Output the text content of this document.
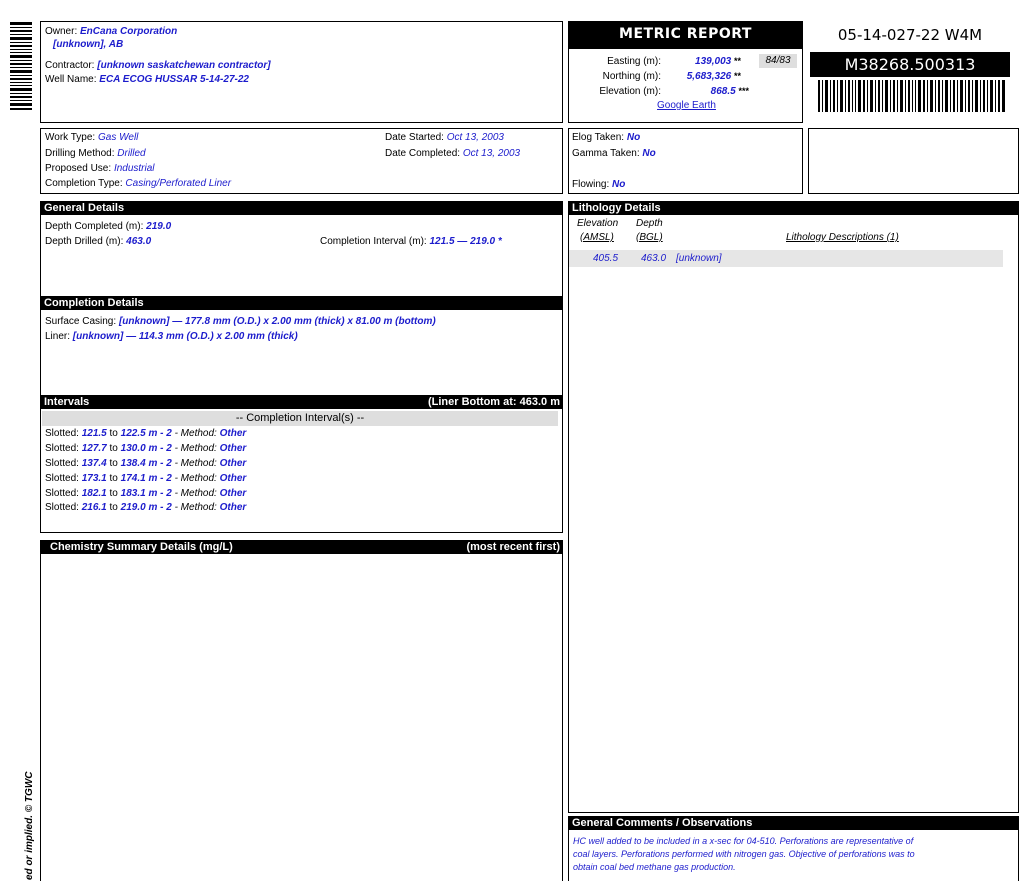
ed or implied. © TGWC
Owner: EnCana Corporation
[unknown], AB
Contractor: [unknown saskatchewan contractor]
Well Name: ECA ECOG HUSSAR 5-14-27-22
METRIC REPORT
Easting (m):	139,003 **	84/83
Northing (m):	5,683,326 **
Elevation (m):	868.5 ***
Google Earth
05-14-027-22 W4M
M38268.500313
Work Type: Gas Well
Drilling Method: Drilled
Proposed Use: Industrial
Completion Type: Casing/Perforated Liner
Date Started: Oct 13, 2003
Date Completed: Oct 13, 2003
Elog Taken: No
Gamma Taken: No
Flowing: No
General Details
Depth Completed (m): 219.0
Depth Drilled (m): 463.0	Completion Interval (m): 121.5 — 219.0 *
Completion Details
Surface Casing: [unknown] — 177.8 mm (O.D.) x 2.00 mm (thick) x 81.00 m (bottom)
Liner: [unknown] — 114.3 mm (O.D.) x 2.00 mm (thick)
Intervals	(Liner Bottom at: 463.0 m
-- Completion Interval(s) --
Slotted: 121.5 to 122.5 m - 2 - Method: Other
Slotted: 127.7 to 130.0 m - 2 - Method: Other
Slotted: 137.4 to 138.4 m - 2 - Method: Other
Slotted: 173.1 to 174.1 m - 2 - Method: Other
Slotted: 182.1 to 183.1 m - 2 - Method: Other
Slotted: 216.1 to 219.0 m - 2 - Method: Other
Chemistry Summary Details (mg/L)	(most recent first)
Lithology Details
Elevation
(AMSL)
Depth
(BGL)	Lithology Descriptions (1)
405.5 463.0 [unknown]
General Comments / Observations
HC well added to be included in a x-sec for 04-510. Perforations are representative of
coal layers. Perforations performed with nitrogen gas. Objective of perforations was to
obtain coal bed methane gas production.
